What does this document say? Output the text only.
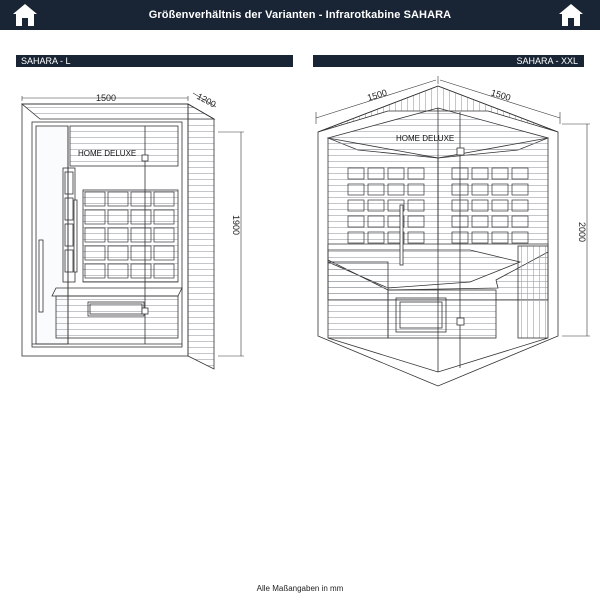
Größenverhältnis der Varianten - Infrarotkabine SAHARA
SAHARA - L	SAHARA - XXL
HOME DELUXE
1500	1200
1900
HOME DELUXE
1500	1500
2000
Alle Maßangaben in mm
